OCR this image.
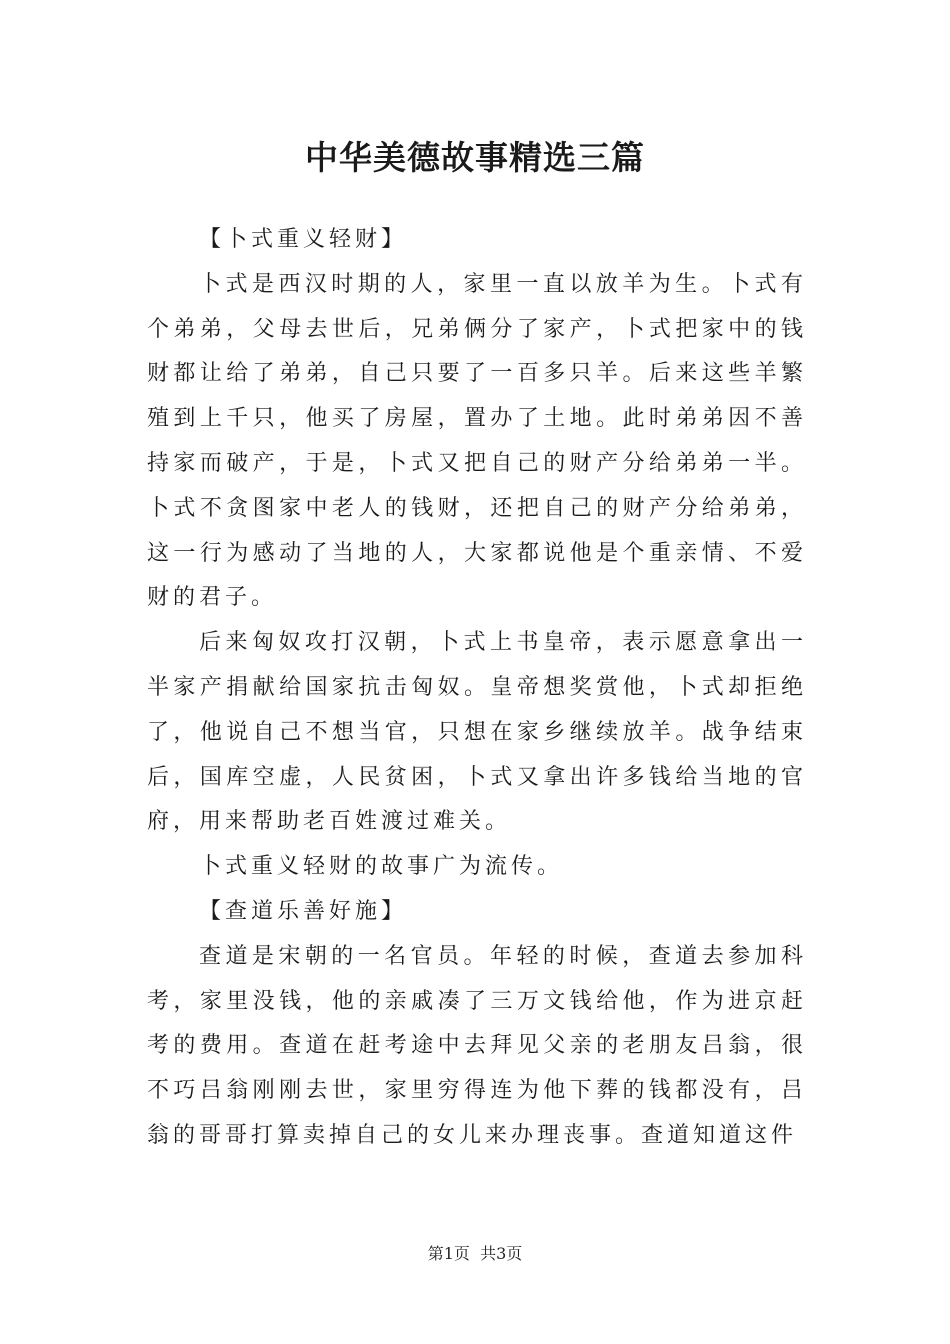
中华美德故事精选三篇

【卜式重义轻财】

卜式是西汉时期的人，家里一直以放羊为生。卜式有个弟弟，父母去世后，兄弟俩分了家产，卜式把家中的钱财都让给了弟弟，自己只要了一百多只羊。后来这些羊繁殖到上千只，他买了房屋，置办了土地。此时弟弟因不善持家而破产，于是，卜式又把自己的财产分给弟弟一半。卜式不贪图家中老人的钱财，还把自己的财产分给弟弟，这一行为感动了当地的人，大家都说他是个重亲情、不爱财的君子。

后来匈奴攻打汉朝，卜式上书皇帝，表示愿意拿出一半家产捐献给国家抗击匈奴。皇帝想奖赏他，卜式却拒绝了，他说自己不想当官，只想在家乡继续放羊。战争结束后，国库空虚，人民贫困，卜式又拿出许多钱给当地的官府，用来帮助老百姓渡过难关。

卜式重义轻财的故事广为流传。

【查道乐善好施】

查道是宋朝的一名官员。年轻的时候，查道去参加科考，家里没钱，他的亲戚凑了三万文钱给他，作为进京赶考的费用。查道在赶考途中去拜见父亲的老朋友吕翁，很不巧吕翁刚刚去世，家里穷得连为他下葬的钱都没有，吕翁的哥哥打算卖掉自己的女儿来办理丧事。查道知道这件

第1页  共3页
